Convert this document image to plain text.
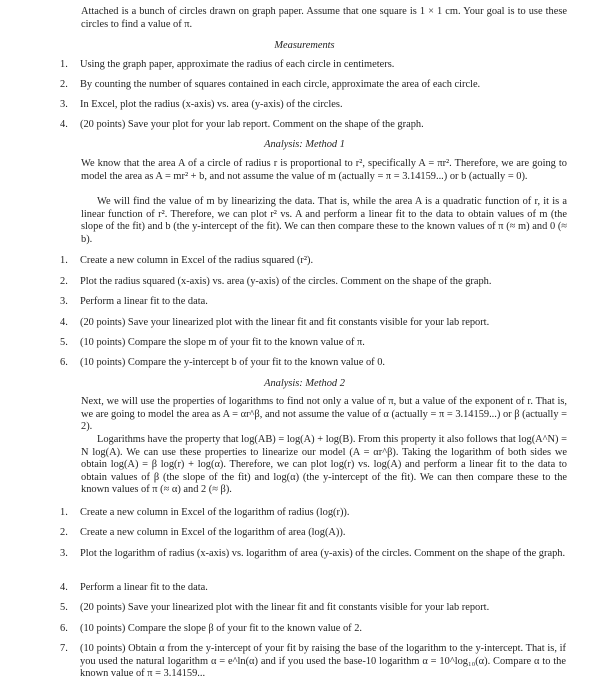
Attached is a bunch of circles drawn on graph paper. Assume that one square is 1 × 1 cm. Your goal is to use these circles to find a value of π.

Measurements

1.	Using the graph paper, approximate the radius of each circle in centimeters.
2.	By counting the number of squares contained in each circle, approximate the area of each circle.
3.	In Excel, plot the radius (x-axis) vs. area (y-axis) of the circles.
4.	(20 points) Save your plot for your lab report. Comment on the shape of the graph.

Analysis: Method 1

We know that the area A of a circle of radius r is proportional to r², specifically A = πr². Therefore, we are going to model the area as A = mr² + b, and not assume the value of m (actually = π = 3.14159...) or b (actually = 0).

We will find the value of m by linearizing the data. That is, while the area A is a quadratic function of r, it is a linear function of r². Therefore, we can plot r² vs. A and perform a linear fit to the data to obtain values of m (the slope of the fit) and b (the y-intercept of the fit). We can then compare these to the known values of π (≈ m) and 0 (≈ b).

1.	Create a new column in Excel of the radius squared (r²).
2.	Plot the radius squared (x-axis) vs. area (y-axis) of the circles. Comment on the shape of the graph.
3.	Perform a linear fit to the data.
4.	(20 points) Save your linearized plot with the linear fit and fit constants visible for your lab report.
5.	(10 points) Compare the slope m of your fit to the known value of π.
6.	(10 points) Compare the y-intercept b of your fit to the known value of 0.

Analysis: Method 2

Next, we will use the properties of logarithms to find not only a value of π, but a value of the exponent of r. That is, we are going to model the area as A = αr^β, and not assume the value of α (actually = π = 3.14159...) or β (actually = 2).

Logarithms have the property that log(AB) = log(A) + log(B). From this property it also follows that log(A^N) = N log(A). We can use these properties to linearize our model (A = αr^β). Taking the logarithm of both sides we obtain log(A) = β log(r) + log(α). Therefore, we can plot log(r) vs. log(A) and perform a linear fit to the data to obtain values of β (the slope of the fit) and log(α) (the y-intercept of the fit). We can then compare these to the known values of π (≈ α) and 2 (≈ β).

1.	Create a new column in Excel of the logarithm of radius (log(r)).
2.	Create a new column in Excel of the logarithm of area (log(A)).
3.	Plot the logarithm of radius (x-axis) vs. logarithm of area (y-axis) of the circles. Comment on the shape of the graph.
4.	Perform a linear fit to the data.
5.	(20 points) Save your linearized plot with the linear fit and fit constants visible for your lab report.
6.	(10 points) Compare the slope β of your fit to the known value of 2.
7.	(10 points) Obtain α from the y-intercept of your fit by raising the base of the logarithm to the y-intercept. That is, if you used the natural logarithm α = e^ln(α) and if you used the base-10 logarithm α = 10^log₁₀(α). Compare α to the known value of π = 3.14159...
